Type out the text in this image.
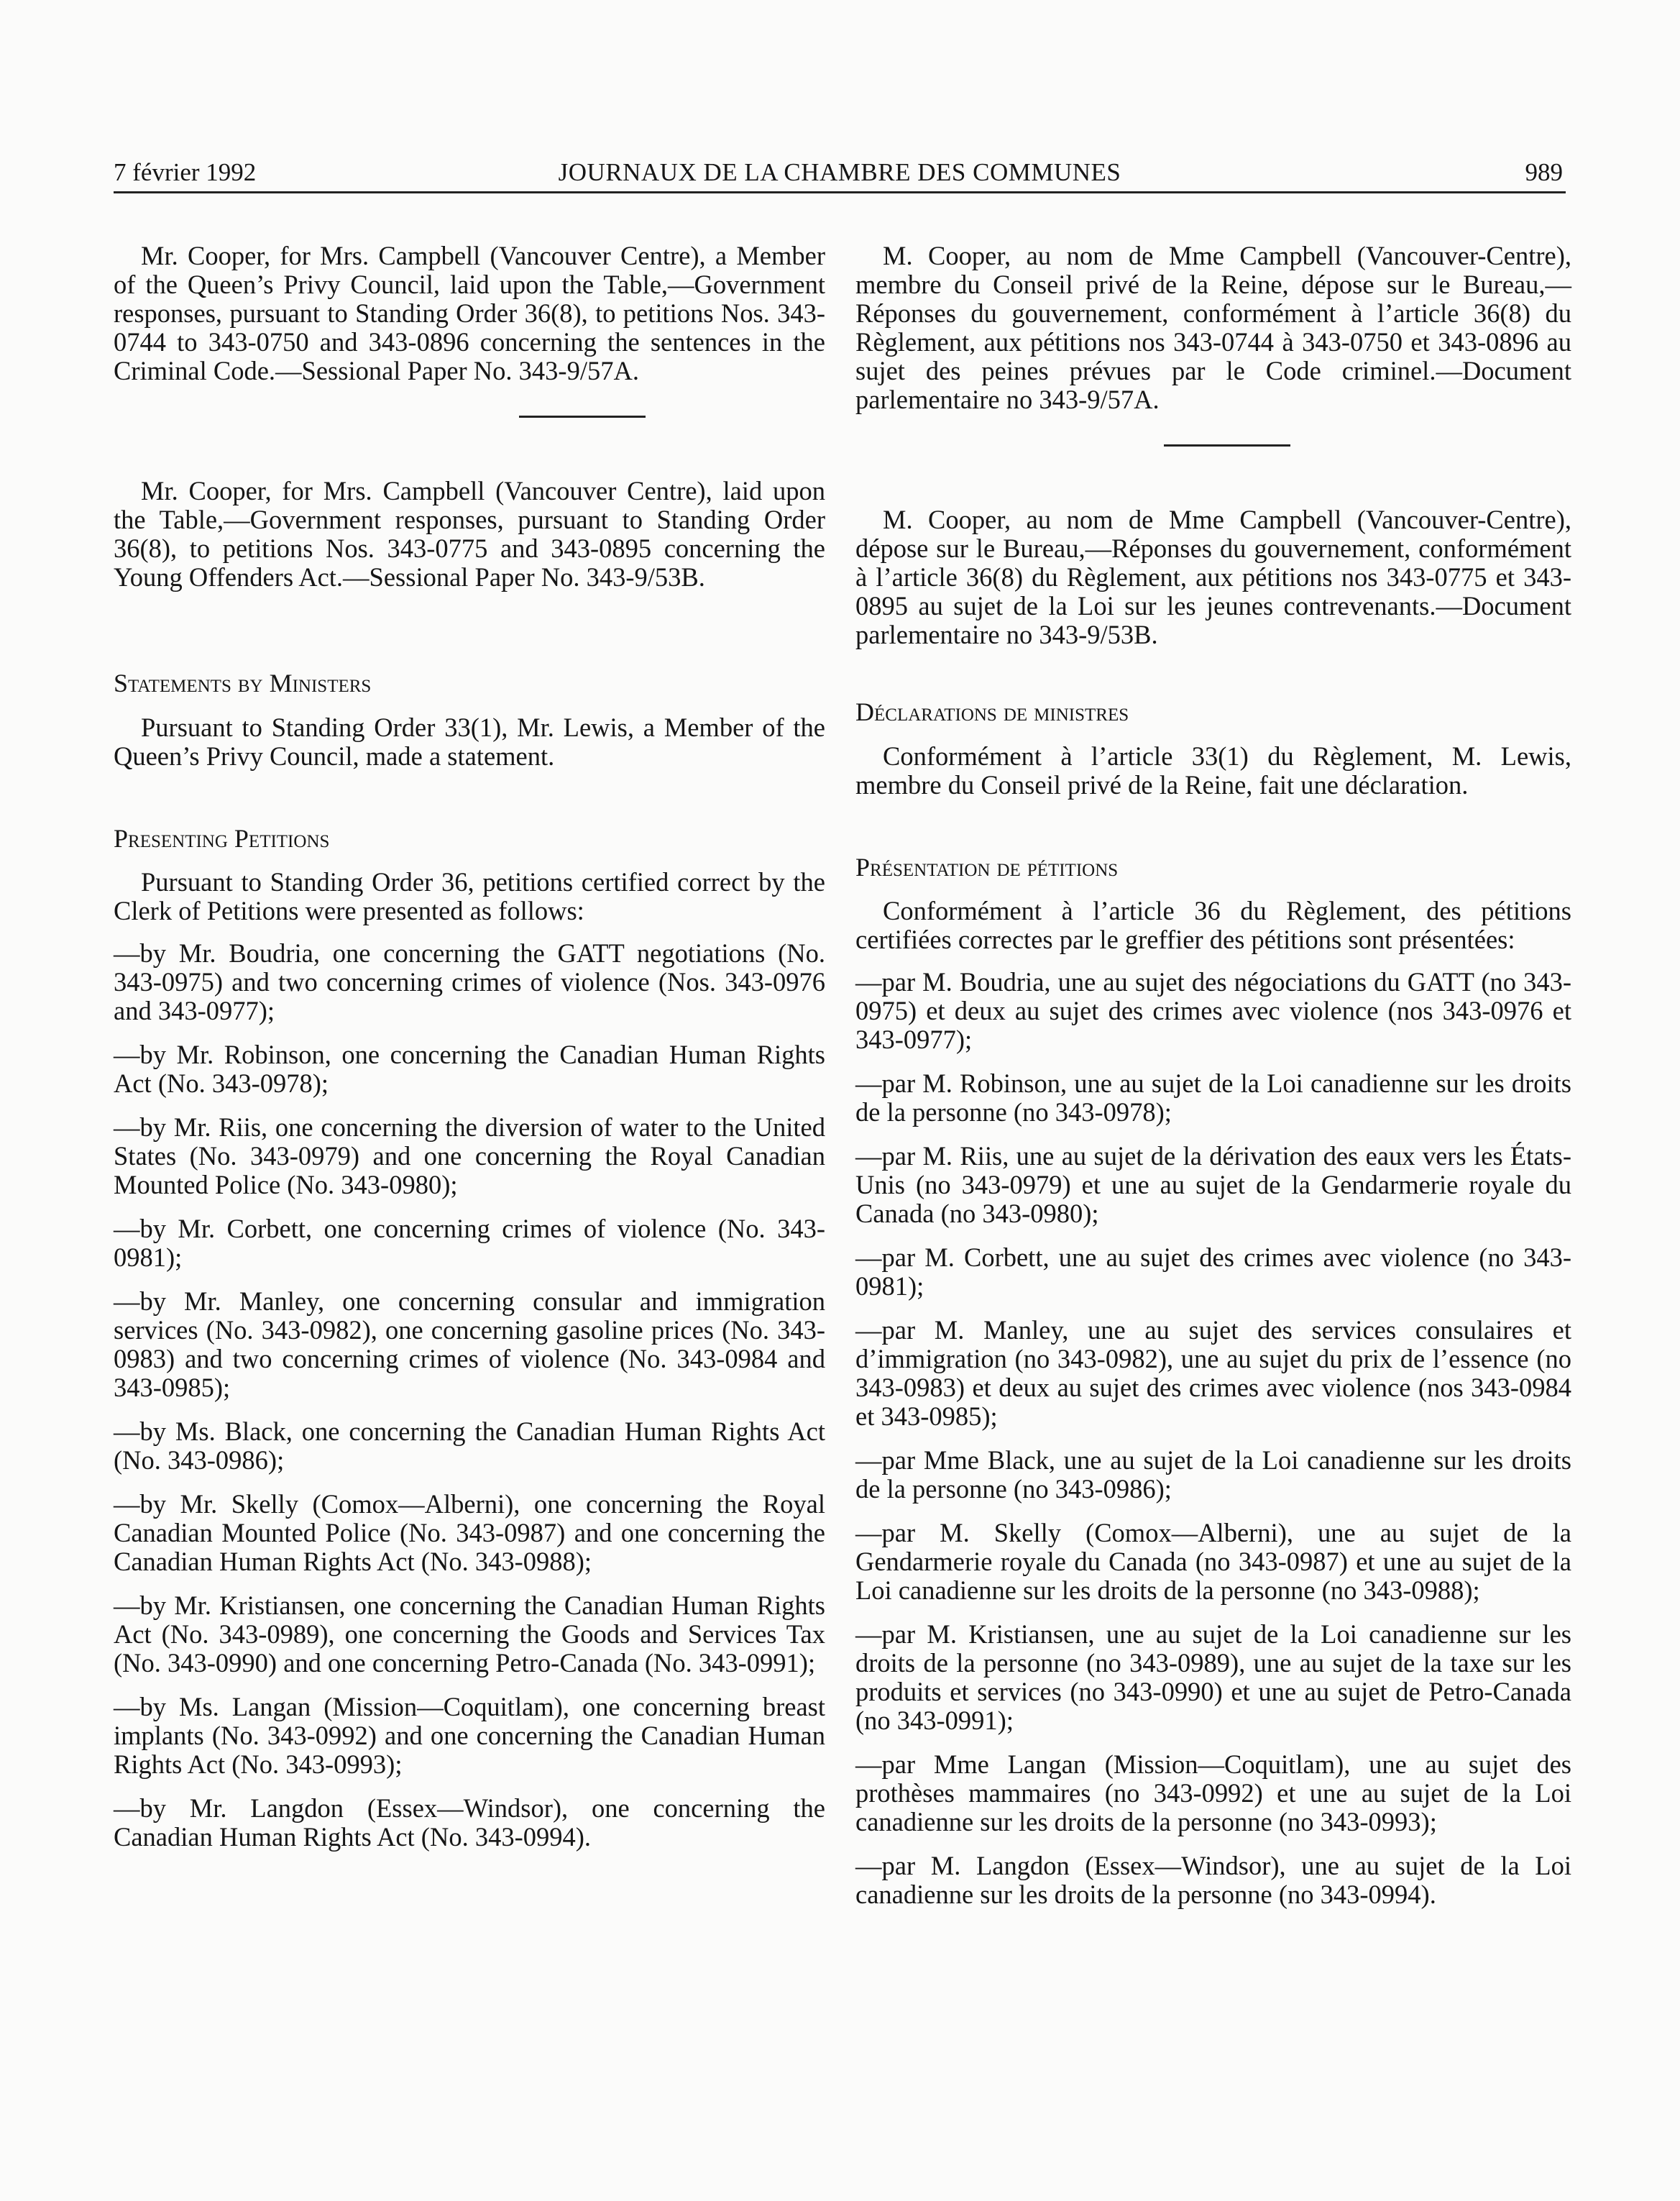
7 février 1992	JOURNAUX DE LA CHAMBRE DES COMMUNES	989

Mr. Cooper, for Mrs. Campbell (Vancouver Centre), a Member of the Queen’s Privy Council, laid upon the Table,—Government responses, pursuant to Standing Order 36(8), to petitions Nos. 343-0744 to 343-0750 and 343-0896 concerning the sentences in the Criminal Code.—Sessional Paper No. 343-9/57A.

Mr. Cooper, for Mrs. Campbell (Vancouver Centre), laid upon the Table,—Government responses, pursuant to Standing Order 36(8), to petitions Nos. 343-0775 and 343-0895 concerning the Young Offenders Act.—Sessional Paper No. 343-9/53B.

Statements by Ministers

Pursuant to Standing Order 33(1), Mr. Lewis, a Member of the Queen’s Privy Council, made a statement.

Presenting Petitions

Pursuant to Standing Order 36, petitions certified correct by the Clerk of Petitions were presented as follows:

—by Mr. Boudria, one concerning the GATT negotiations (No. 343-0975) and two concerning crimes of violence (Nos. 343-0976 and 343-0977);

—by Mr. Robinson, one concerning the Canadian Human Rights Act (No. 343-0978);

—by Mr. Riis, one concerning the diversion of water to the United States (No. 343-0979) and one concerning the Royal Canadian Mounted Police (No. 343-0980);

—by Mr. Corbett, one concerning crimes of violence (No. 343-0981);

—by Mr. Manley, one concerning consular and immigration services (No. 343-0982), one concerning gasoline prices (No. 343-0983) and two concerning crimes of violence (No. 343-0984 and 343-0985);

—by Ms. Black, one concerning the Canadian Human Rights Act (No. 343-0986);

—by Mr. Skelly (Comox—Alberni), one concerning the Royal Canadian Mounted Police (No. 343-0987) and one concerning the Canadian Human Rights Act (No. 343-0988);

—by Mr. Kristiansen, one concerning the Canadian Human Rights Act (No. 343-0989), one concerning the Goods and Services Tax (No. 343-0990) and one concerning Petro-Canada (No. 343-0991);

—by Ms. Langan (Mission—Coquitlam), one concerning breast implants (No. 343-0992) and one concerning the Canadian Human Rights Act (No. 343-0993);

—by Mr. Langdon (Essex—Windsor), one concerning the Canadian Human Rights Act (No. 343-0994).

M. Cooper, au nom de Mme Campbell (Vancouver-Centre), membre du Conseil privé de la Reine, dépose sur le Bureau,—Réponses du gouvernement, conformément à l’article 36(8) du Règlement, aux pétitions nos 343-0744 à 343-0750 et 343-0896 au sujet des peines prévues par le Code criminel.—Document parlementaire no 343-9/57A.

M. Cooper, au nom de Mme Campbell (Vancouver-Centre), dépose sur le Bureau,—Réponses du gouvernement, conformément à l’article 36(8) du Règlement, aux pétitions nos 343-0775 et 343-0895 au sujet de la Loi sur les jeunes contrevenants.—Document parlementaire no 343-9/53B.

Déclarations de ministres

Conformément à l’article 33(1) du Règlement, M. Lewis, membre du Conseil privé de la Reine, fait une déclaration.

Présentation de pétitions

Conformément à l’article 36 du Règlement, des pétitions certifiées correctes par le greffier des pétitions sont présentées:

—par M. Boudria, une au sujet des négociations du GATT (no 343-0975) et deux au sujet des crimes avec violence (nos 343-0976 et 343-0977);

—par M. Robinson, une au sujet de la Loi canadienne sur les droits de la personne (no 343-0978);

—par M. Riis, une au sujet de la dérivation des eaux vers les États-Unis (no 343-0979) et une au sujet de la Gendarmerie royale du Canada (no 343-0980);

—par M. Corbett, une au sujet des crimes avec violence (no 343-0981);

—par M. Manley, une au sujet des services consulaires et d’immigration (no 343-0982), une au sujet du prix de l’essence (no 343-0983) et deux au sujet des crimes avec violence (nos 343-0984 et 343-0985);

—par Mme Black, une au sujet de la Loi canadienne sur les droits de la personne (no 343-0986);

—par M. Skelly (Comox—Alberni), une au sujet de la Gendarmerie royale du Canada (no 343-0987) et une au sujet de la Loi canadienne sur les droits de la personne (no 343-0988);

—par M. Kristiansen, une au sujet de la Loi canadienne sur les droits de la personne (no 343-0989), une au sujet de la taxe sur les produits et services (no 343-0990) et une au sujet de Petro-Canada (no 343-0991);

—par Mme Langan (Mission—Coquitlam), une au sujet des prothèses mammaires (no 343-0992) et une au sujet de la Loi canadienne sur les droits de la personne (no 343-0993);

—par M. Langdon (Essex—Windsor), une au sujet de la Loi canadienne sur les droits de la personne (no 343-0994).
